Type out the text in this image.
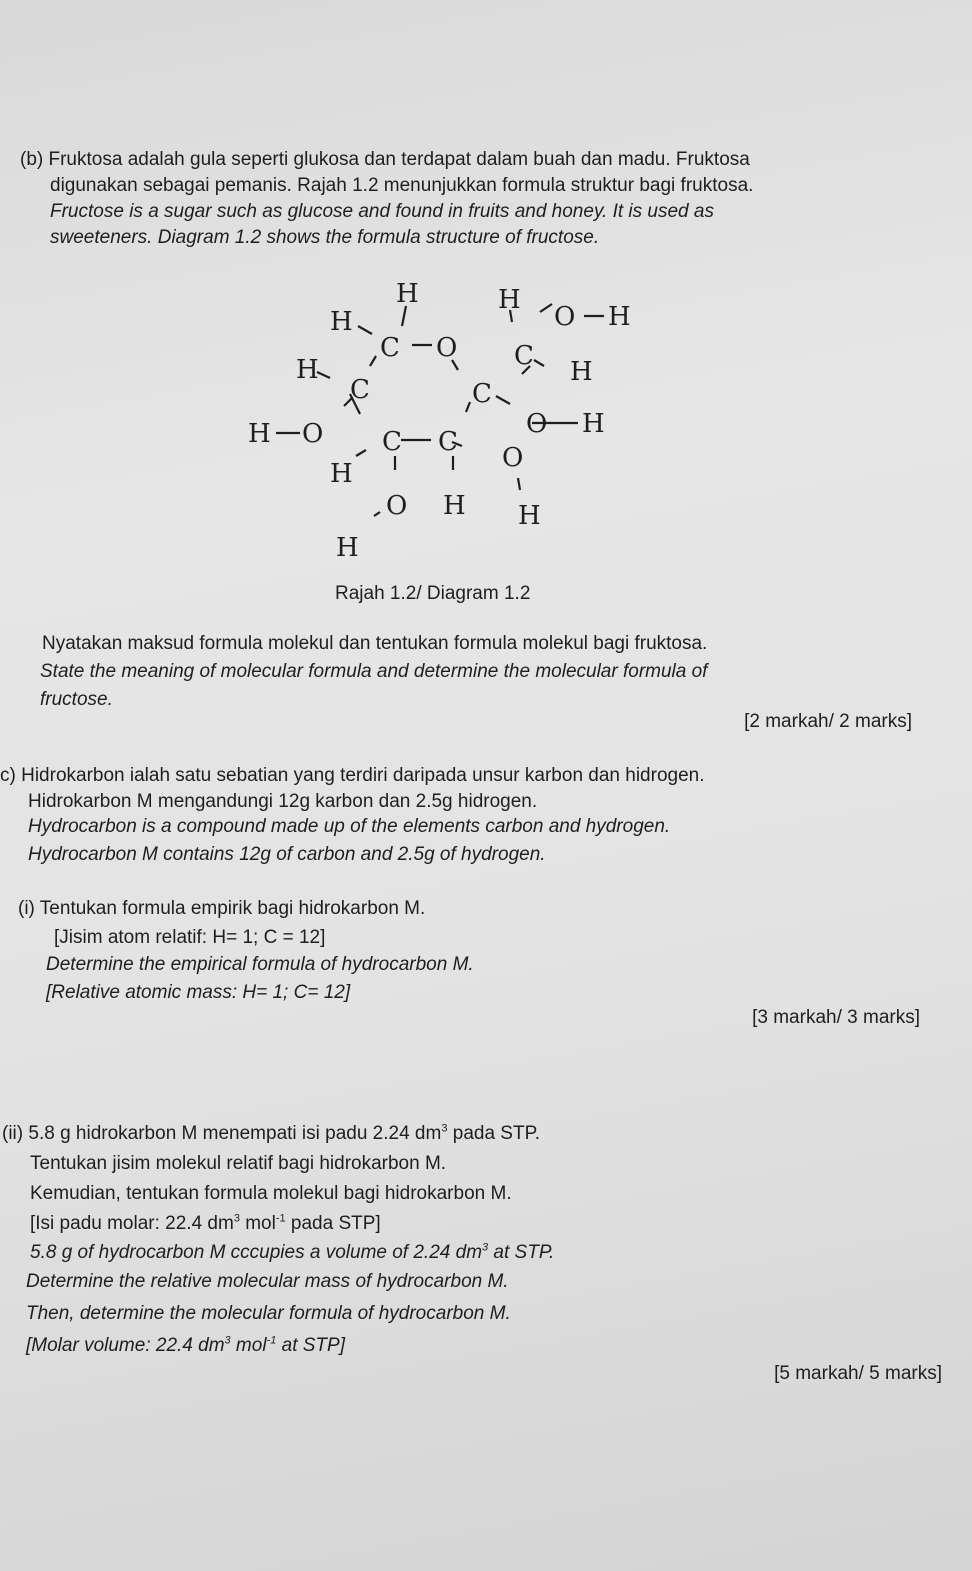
(b) Fruktosa adalah gula seperti glukosa dan terdapat dalam buah dan madu. Fruktosa
digunakan sebagai pemanis. Rajah 1.2 menunjukkan formula struktur bagi fruktosa.
Fructose is a sugar such as glucose and found in fruits and honey. It is used as
sweeteners. Diagram 1.2 shows the formula structure of fructose.
H
H
C O
H
O H
H
C
C
H
C
O H
H O C C
O
H
O H H
H
Rajah 1.2/ Diagram 1.2
Nyatakan maksud formula molekul dan tentukan formula molekul bagi fruktosa.
State the meaning of molecular formula and determine the molecular formula of
fructose.
[2 markah/ 2 marks]
c) Hidrokarbon ialah satu sebatian yang terdiri daripada unsur karbon dan hidrogen.
Hidrokarbon M mengandungi 12g karbon dan 2.5g hidrogen.
Hydrocarbon is a compound made up of the elements carbon and hydrogen.
Hydrocarbon M contains 12g of carbon and 2.5g of hydrogen.
(i) Tentukan formula empirik bagi hidrokarbon M.
[Jisim atom relatif: H= 1; C = 12]
Determine the empirical formula of hydrocarbon M.
[Relative atomic mass: H= 1; C= 12]
[3 markah/ 3 marks]
(ii) 5.8 g hidrokarbon M menempati isi padu 2.24 $dm^3$ pada STP.
Tentukan jisim molekul relatif bagi hidrokarbon M.
Kemudian, tentukan formula molekul bagi hidrokarbon M.
[Isi padu molar: 22.4 $dm^3$ mol$^{-1}$ pada STP]
5.8 g of hydrocarbon M cccupies a volume of 2.24 $dm^3$ at STP.
Determine the relative molecular mass of hydrocarbon M.
Then, determine the molecular formula of hydrocarbon M.
[Molar volume: 22.4 $dm^3$ mol$^{-1}$ at STP]
[5 markah/ 5 marks]
